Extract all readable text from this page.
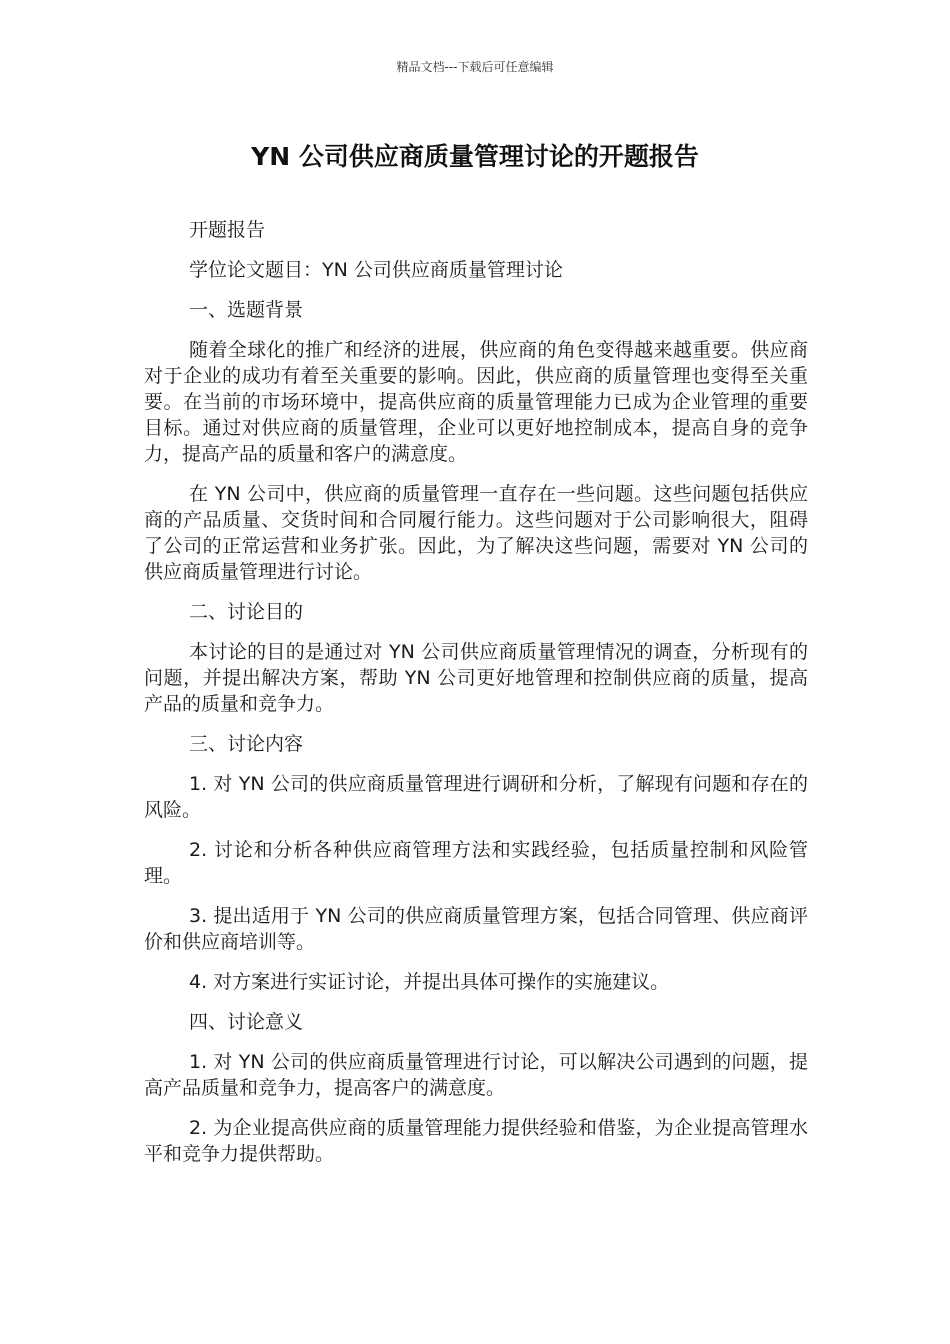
精品文档---下载后可任意编辑
YN 公司供应商质量管理讨论的开题报告

开题报告

学位论文题目：YN 公司供应商质量管理讨论

一、选题背景

随着全球化的推广和经济的进展，供应商的角色变得越来越重要。供应商对于企业的成功有着至关重要的影响。因此，供应商的质量管理也变得至关重要。在当前的市场环境中，提高供应商的质量管理能力已成为企业管理的重要目标。通过对供应商的质量管理，企业可以更好地控制成本，提高自身的竞争力，提高产品的质量和客户的满意度。

在 YN 公司中，供应商的质量管理一直存在一些问题。这些问题包括供应商的产品质量、交货时间和合同履行能力。这些问题对于公司影响很大，阻碍了公司的正常运营和业务扩张。因此，为了解决这些问题，需要对 YN 公司的供应商质量管理进行讨论。

二、讨论目的

本讨论的目的是通过对 YN 公司供应商质量管理情况的调查，分析现有的问题，并提出解决方案，帮助 YN 公司更好地管理和控制供应商的质量，提高产品的质量和竞争力。

三、讨论内容

1. 对 YN 公司的供应商质量管理进行调研和分析，了解现有问题和存在的风险。

2. 讨论和分析各种供应商管理方法和实践经验，包括质量控制和风险管理。

3. 提出适用于 YN 公司的供应商质量管理方案，包括合同管理、供应商评价和供应商培训等。

4. 对方案进行实证讨论，并提出具体可操作的实施建议。

四、讨论意义

1. 对 YN 公司的供应商质量管理进行讨论，可以解决公司遇到的问题，提高产品质量和竞争力，提高客户的满意度。

2. 为企业提高供应商的质量管理能力提供经验和借鉴，为企业提高管理水平和竞争力提供帮助。
